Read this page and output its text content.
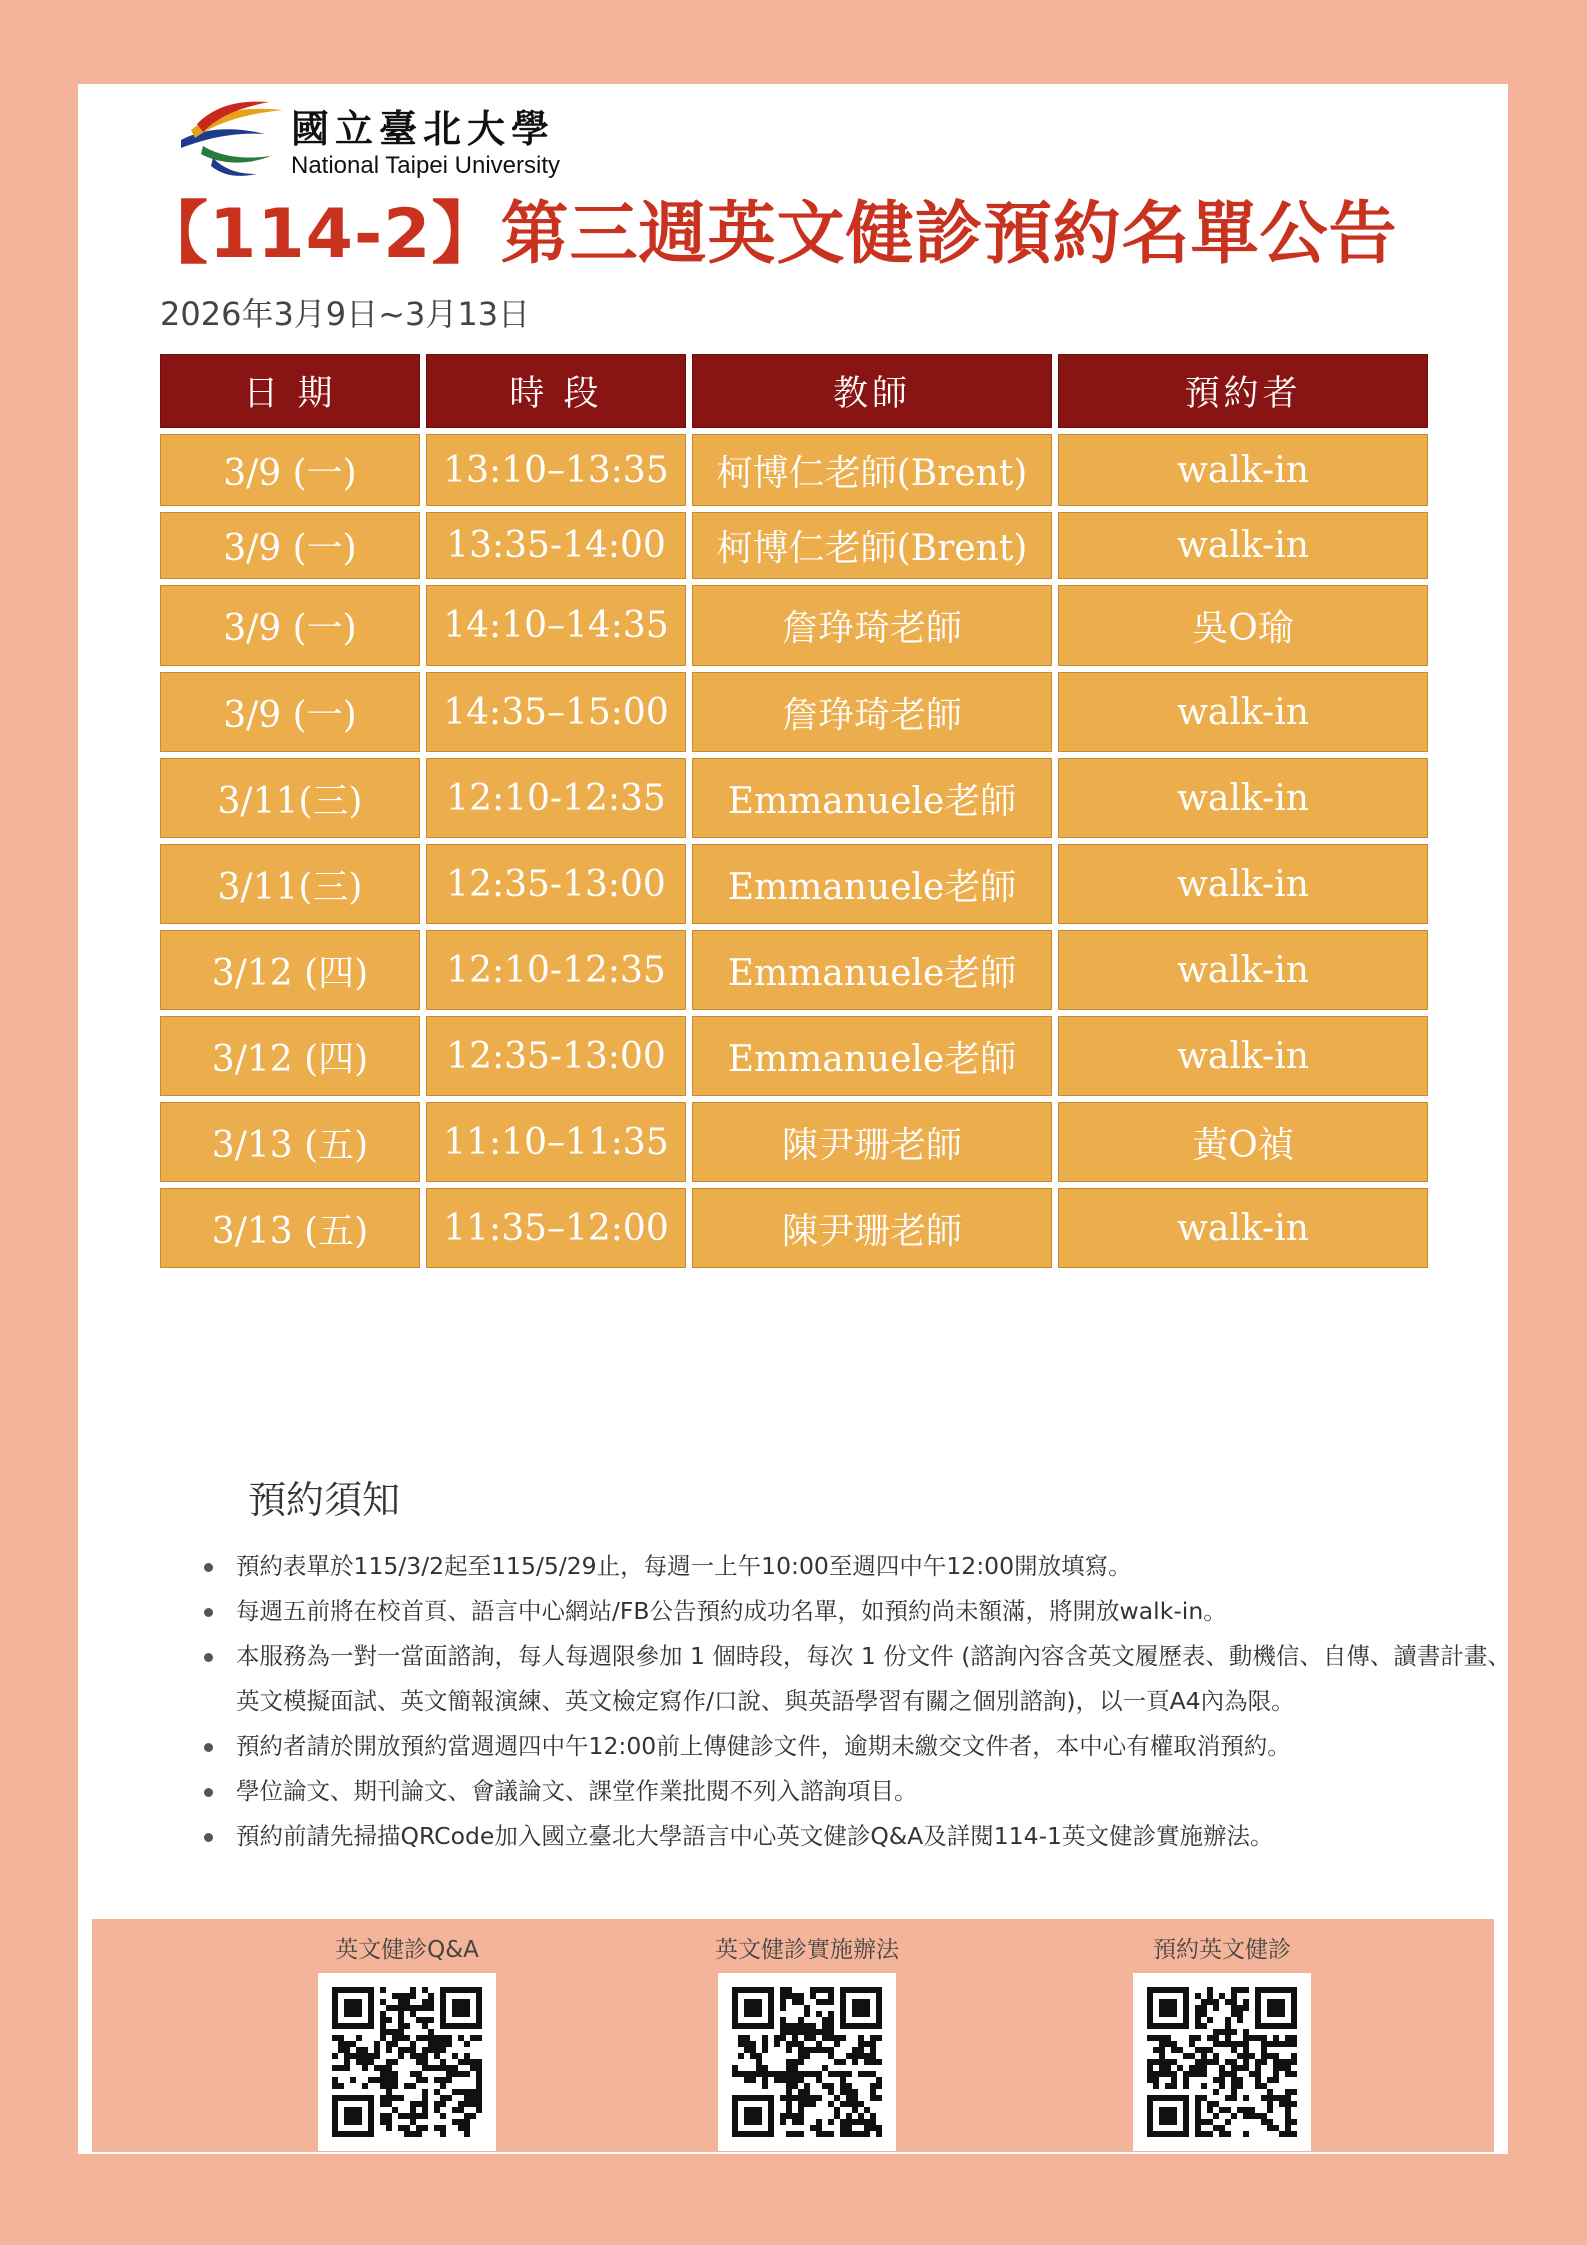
國立臺北大學
National Taipei University
【114-2】第三週英文健診預約名單公告
2026年3月9日~3月13日
日 期	時 段	教師	預約者
3/9 (一)	13:10–13:35	柯博仁老師(Brent)	walk-in
3/9 (一)	13:35-14:00	柯博仁老師(Brent)	walk-in
3/9 (一)	14:10–14:35	詹琤琦老師	吳O瑜
3/9 (一)	14:35–15:00	詹琤琦老師	walk-in
3/11(三)	12:10-12:35	Emmanuele老師	walk-in
3/11(三)	12:35-13:00	Emmanuele老師	walk-in
3/12 (四)	12:10-12:35	Emmanuele老師	walk-in
3/12 (四)	12:35-13:00	Emmanuele老師	walk-in
3/13 (五)	11:10–11:35	陳尹珊老師	黃O禎
3/13 (五)	11:35–12:00	陳尹珊老師	walk-in
預約須知
預約表單於115/3/2起至115/5/29止，每週一上午10:00至週四中午12:00開放填寫。
每週五前將在校首頁、語言中心網站/FB公告預約成功名單，如預約尚未額滿，將開放walk-in。
本服務為一對一當面諮詢，每人每週限參加 1 個時段，每次 1 份文件 (諮詢內容含英文履歷表、動機信、自傳、讀書計畫、英文模擬面試、英文簡報演練、英文檢定寫作/口說、與英語學習有關之個別諮詢)，以一頁A4內為限。
預約者請於開放預約當週週四中午12:00前上傳健診文件，逾期未繳交文件者，本中心有權取消預約。
學位論文、期刊論文、會議論文、課堂作業批閱不列入諮詢項目。
預約前請先掃描QRCode加入國立臺北大學語言中心英文健診Q&A及詳閱114-1英文健診實施辦法。
英文健診Q&A	英文健診實施辦法	預約英文健診
